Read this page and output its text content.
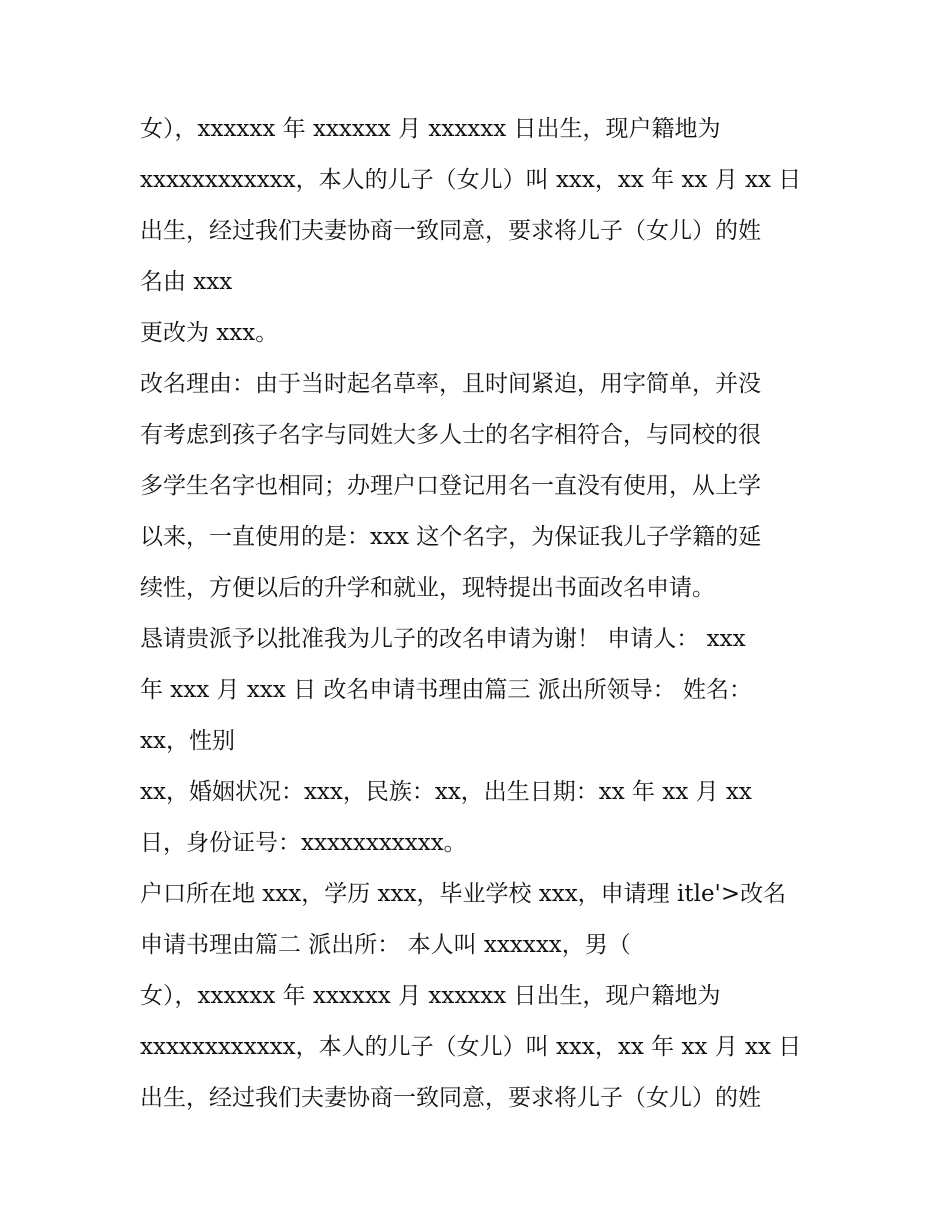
女），xxxxxx 年 xxxxxx 月 xxxxxx 日出生，现户籍地为
xxxxxxxxxxxx，本人的儿子（女儿）叫 xxx，xx 年 xx 月 xx 日
出生，经过我们夫妻协商一致同意，要求将儿子（女儿）的姓
名由 xxx
更改为 xxx。
改名理由：由于当时起名草率，且时间紧迫，用字简单，并没
有考虑到孩子名字与同姓大多人士的名字相符合，与同校的很
多学生名字也相同；办理户口登记用名一直没有使用，从上学
以来，一直使用的是：xxx 这个名字，为保证我儿子学籍的延
续性，方便以后的升学和就业，现特提出书面改名申请。
恳请贵派予以批准我为儿子的改名申请为谢！ 申请人： xxx
年 xxx 月 xxx 日 改名申请书理由篇三 派出所领导： 姓名：
xx，性别
xx，婚姻状况：xxx，民族：xx，出生日期：xx 年 xx 月 xx
日，身份证号：xxxxxxxxxxx。
户口所在地 xxx，学历 xxx，毕业学校 xxx，申请理 itle'>改名
申请书理由篇二 派出所： 本人叫 xxxxxx，男（
女），xxxxxx 年 xxxxxx 月 xxxxxx 日出生，现户籍地为
xxxxxxxxxxxx，本人的儿子（女儿）叫 xxx，xx 年 xx 月 xx 日
出生，经过我们夫妻协商一致同意，要求将儿子（女儿）的姓
